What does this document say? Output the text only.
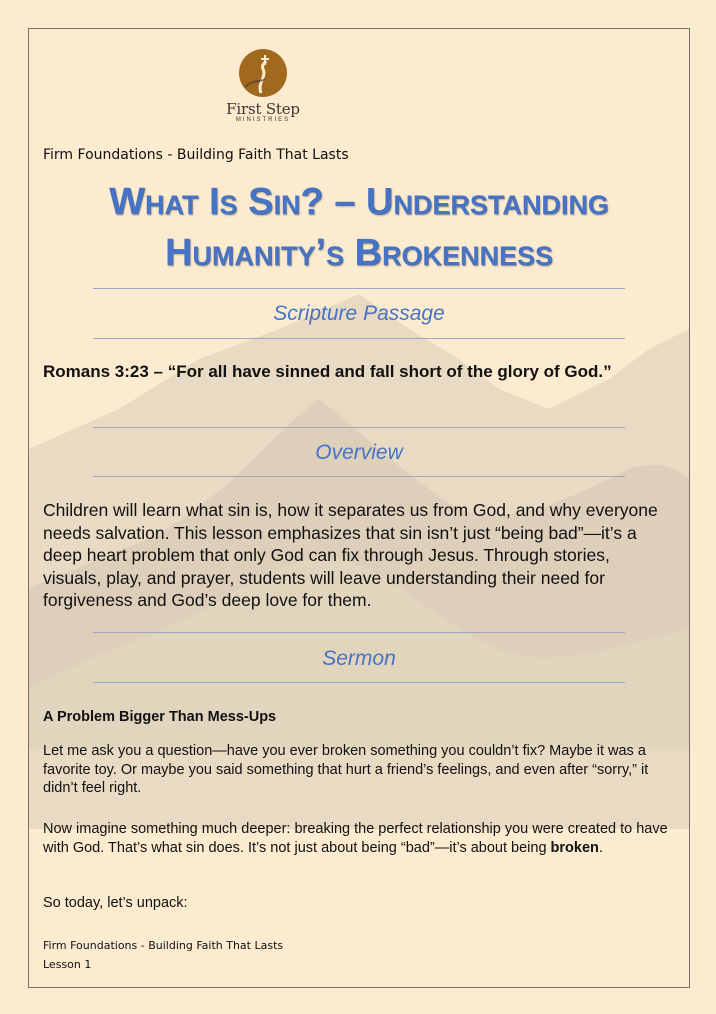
First Step
MINISTRIES
Firm Foundations - Building Faith That Lasts
What Is Sin? – Understanding
Humanity’s Brokenness
Scripture Passage
Romans 3:23 – “For all have sinned and fall short of the glory of God.”
Overview
Children will learn what sin is, how it separates us from God, and why everyone needs salvation. This lesson emphasizes that sin isn’t just “being bad”—it’s a deep heart problem that only God can fix through Jesus. Through stories, visuals, play, and prayer, students will leave understanding their need for forgiveness and God’s deep love for them.
Sermon
A Problem Bigger Than Mess-Ups
Let me ask you a question—have you ever broken something you couldn’t fix? Maybe it was a favorite toy. Or maybe you said something that hurt a friend’s feelings, and even after “sorry,” it didn’t feel right.
Now imagine something much deeper: breaking the perfect relationship you were created to have with God. That’s what sin does. It’s not just about being “bad”—it’s about being broken.
So today, let’s unpack:
Firm Foundations - Building Faith That Lasts
Lesson 1
